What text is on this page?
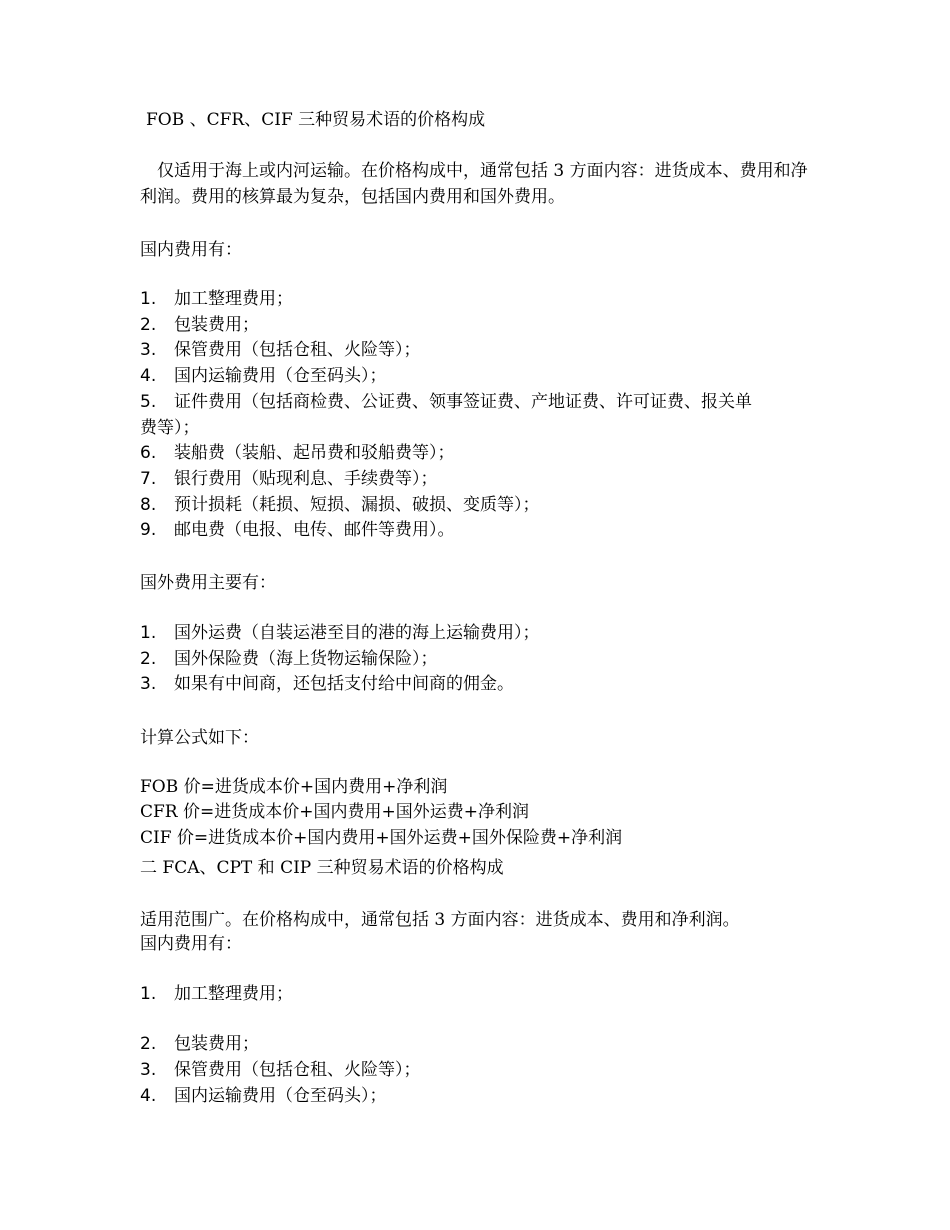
FOB 、CFR、CIF 三种贸易术语的价格构成
仅适用于海上或内河运输。在价格构成中，通常包括 3 方面内容：进货成本、费用和净利润。费用的核算最为复杂，包括国内费用和国外费用。
国内费用有：
1. 加工整理费用；
2. 包装费用；
3. 保管费用（包括仓租、火险等）；
4. 国内运输费用（仓至码头）；
5. 证件费用（包括商检费、公证费、领事签证费、产地证费、许可证费、报关单
费等）；
6. 装船费（装船、起吊费和驳船费等）；
7. 银行费用（贴现利息、手续费等）；
8. 预计损耗（耗损、短损、漏损、破损、变质等）；
9. 邮电费（电报、电传、邮件等费用）。
国外费用主要有：
1. 国外运费（自装运港至目的港的海上运输费用）；
2. 国外保险费（海上货物运输保险）；
3. 如果有中间商，还包括支付给中间商的佣金。
计算公式如下：
FOB 价=进货成本价+国内费用+净利润
CFR 价=进货成本价+国内费用+国外运费+净利润
CIF 价=进货成本价+国内费用+国外运费+国外保险费+净利润
二 FCA、CPT 和 CIP 三种贸易术语的价格构成
适用范围广。在价格构成中，通常包括 3 方面内容：进货成本、费用和净利润。
国内费用有：
1. 加工整理费用；
2. 包装费用；
3. 保管费用（包括仓租、火险等）；
4. 国内运输费用（仓至码头）；
